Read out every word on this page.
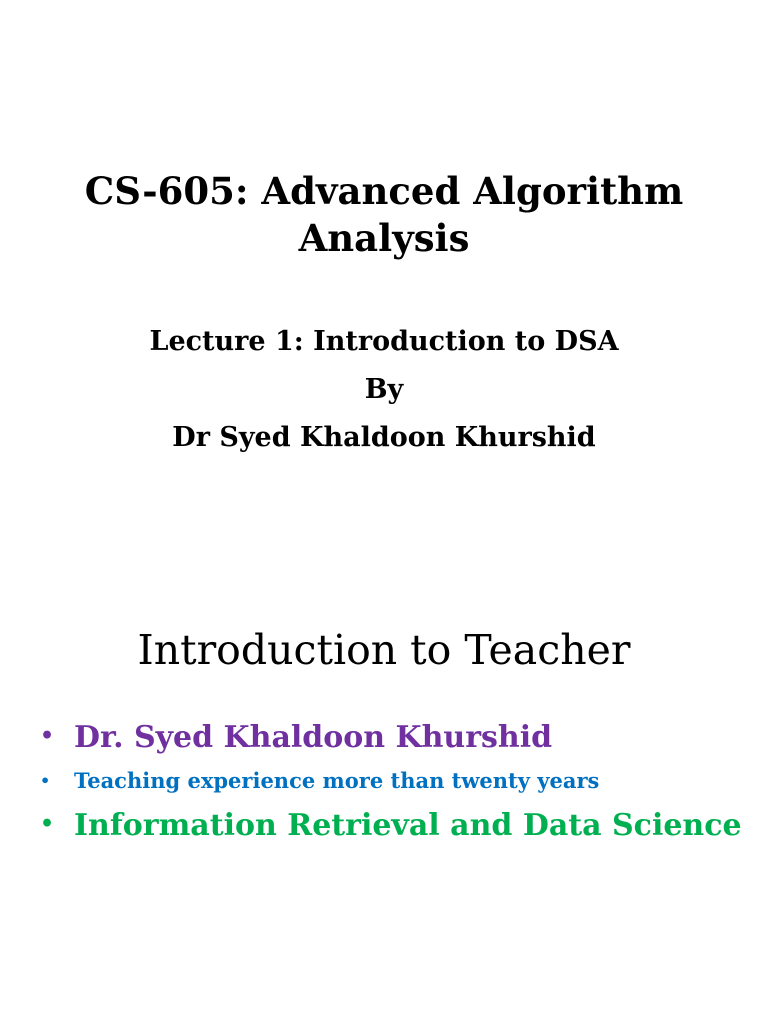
CS-605: Advanced Algorithm
Analysis
Lecture 1: Introduction to DSA
By
Dr Syed Khaldoon Khurshid
Introduction to Teacher
• Dr. Syed Khaldoon Khurshid
• Teaching experience more than twenty years
• Information Retrieval and Data Science
